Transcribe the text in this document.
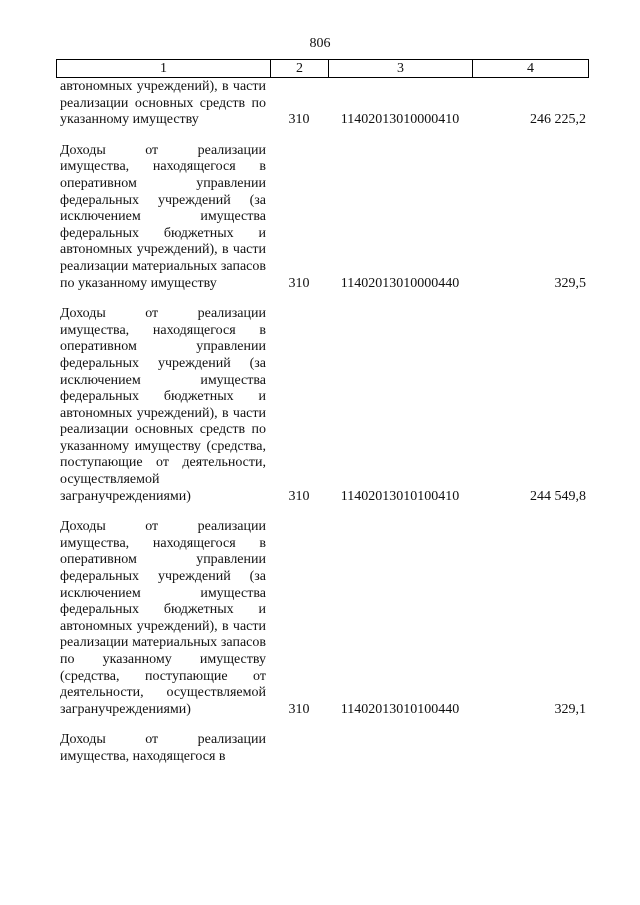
806
1	2	3	4
автономных учреждений), в части реализации основных средств по указанному имуществу	310	11402013010000410	246 225,2
Доходы от реализации имущества, находящегося в оперативном управлении федеральных учреждений (за исключением имущества федеральных бюджетных и автономных учреждений), в части реализации материальных запасов по указанному имуществу	310	11402013010000440	329,5
Доходы от реализации имущества, находящегося в оперативном управлении федеральных учреждений (за исключением имущества федеральных бюджетных и автономных учреждений), в части реализации основных средств по указанному имуществу (средства, поступающие от деятельности, осуществляемой загранучреждениями)	310	11402013010100410	244 549,8
Доходы от реализации имущества, находящегося в оперативном управлении федеральных учреждений (за исключением имущества федеральных бюджетных и автономных учреждений), в части реализации материальных запасов по указанному имуществу (средства, поступающие от деятельности, осуществляемой загранучреждениями)	310	11402013010100440	329,1
Доходы от реализации имущества, находящегося в
